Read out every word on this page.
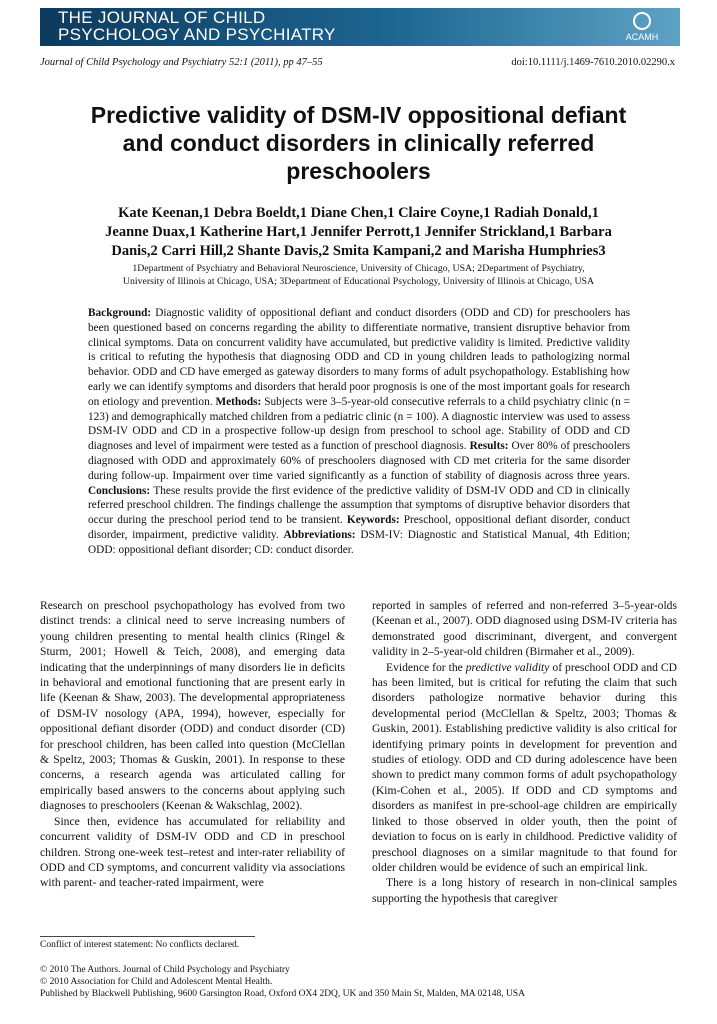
THE JOURNAL OF CHILD
PSYCHOLOGY AND PSYCHIATRY	ACAMH
Journal of Child Psychology and Psychiatry 52:1 (2011), pp 47–55	doi:10.1111/j.1469-7610.2010.02290.x
Predictive validity of DSM-IV oppositional defiant and conduct disorders in clinically referred preschoolers
Kate Keenan,1 Debra Boeldt,1 Diane Chen,1 Claire Coyne,1 Radiah Donald,1
Jeanne Duax,1 Katherine Hart,1 Jennifer Perrott,1 Jennifer Strickland,1 Barbara
Danis,2 Carri Hill,2 Shante Davis,2 Smita Kampani,2 and Marisha Humphries3
1Department of Psychiatry and Behavioral Neuroscience, University of Chicago, USA; 2Department of Psychiatry,
University of Illinois at Chicago, USA; 3Department of Educational Psychology, University of Illinois at Chicago, USA

Background: Diagnostic validity of oppositional defiant and conduct disorders (ODD and CD) for preschoolers has been questioned based on concerns regarding the ability to differentiate normative, transient disruptive behavior from clinical symptoms. Data on concurrent validity have accumulated, but predictive validity is limited. Predictive validity is critical to refuting the hypothesis that diagnosing ODD and CD in young children leads to pathologizing normal behavior. ODD and CD have emerged as gateway disorders to many forms of adult psychopathology. Establishing how early we can identify symptoms and disorders that herald poor prognosis is one of the most important goals for research on etiology and prevention. Methods: Subjects were 3–5-year-old consecutive referrals to a child psychiatry clinic (n = 123) and demographically matched children from a pediatric clinic (n = 100). A diagnostic interview was used to assess DSM-IV ODD and CD in a prospective follow-up design from preschool to school age. Stability of ODD and CD diagnoses and level of impairment were tested as a function of preschool diagnosis. Results: Over 80% of preschoolers diagnosed with ODD and approximately 60% of preschoolers diagnosed with CD met criteria for the same disorder during follow-up. Impairment over time varied significantly as a function of stability of diagnosis across three years. Conclusions: These results provide the first evidence of the predictive validity of DSM-IV ODD and CD in clinically referred preschool children. The findings challenge the assumption that symptoms of disruptive behavior disorders that occur during the preschool period tend to be transient. Keywords: Preschool, oppositional defiant disorder, conduct disorder, impairment, predictive validity. Abbreviations: DSM-IV: Diagnostic and Statistical Manual, 4th Edition; ODD: oppositional defiant disorder; CD: conduct disorder.

Research on preschool psychopathology has evolved from two distinct trends: a clinical need to serve increasing numbers of young children presenting to mental health clinics (Ringel & Sturm, 2001; Howell & Teich, 2008), and emerging data indicating that the underpinnings of many disorders lie in deficits in behavioral and emotional functioning that are present early in life (Keenan & Shaw, 2003). The developmental appropriateness of DSM-IV nosology (APA, 1994), however, especially for oppositional defiant disorder (ODD) and conduct disorder (CD) for preschool children, has been called into question (McClellan & Speltz, 2003; Thomas & Guskin, 2001). In response to these concerns, a research agenda was articulated calling for empirically based answers to the concerns about applying such diagnoses to preschoolers (Keenan & Wakschlag, 2002).

Since then, evidence has accumulated for reliability and concurrent validity of DSM-IV ODD and CD in preschool children. Strong one-week test–retest and inter-rater reliability of ODD and CD symptoms, and concurrent validity via associations with parent- and teacher-rated impairment, were

reported in samples of referred and non-referred 3–5-year-olds (Keenan et al., 2007). ODD diagnosed using DSM-IV criteria has demonstrated good discriminant, divergent, and convergent validity in 2–5-year-old children (Birmaher et al., 2009).

Evidence for the predictive validity of preschool ODD and CD has been limited, but is critical for refuting the claim that such disorders pathologize normative behavior during this developmental period (McClellan & Speltz, 2003; Thomas & Guskin, 2001). Establishing predictive validity is also critical for identifying primary points in development for prevention and studies of etiology. ODD and CD during adolescence have been shown to predict many common forms of adult psychopathology (Kim-Cohen et al., 2005). If ODD and CD symptoms and disorders as manifest in pre-school-age children are empirically linked to those observed in older youth, then the point of deviation to focus on is early in childhood. Predictive validity of preschool diagnoses on a similar magnitude to that found for older children would be evidence of such an empirical link.

There is a long history of research in non-clinical samples supporting the hypothesis that caregiver

Conflict of interest statement: No conflicts declared.
© 2010 The Authors. Journal of Child Psychology and Psychiatry
© 2010 Association for Child and Adolescent Mental Health.
Published by Blackwell Publishing, 9600 Garsington Road, Oxford OX4 2DQ, UK and 350 Main St, Malden, MA 02148, USA
